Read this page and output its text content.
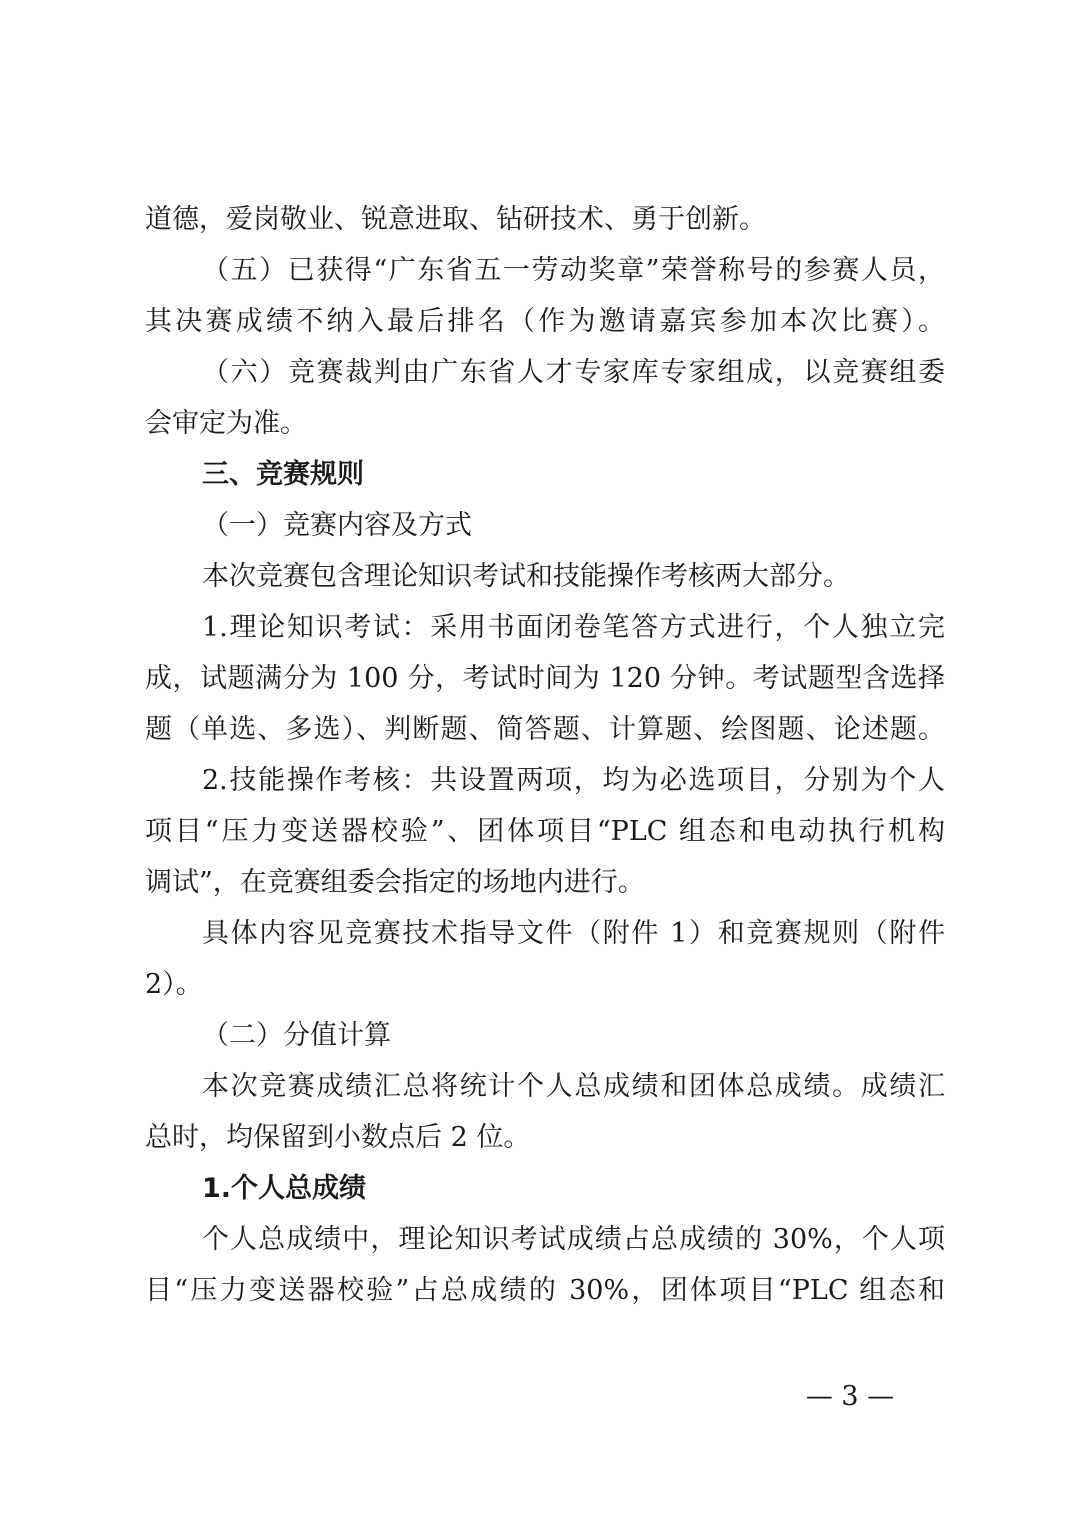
道德，爱岗敬业、锐意进取、钻研技术、勇于创新。
（五）已获得“广东省五一劳动奖章”荣誉称号的参赛人员，
其决赛成绩不纳入最后排名（作为邀请嘉宾参加本次比赛）。
（六）竞赛裁判由广东省人才专家库专家组成，以竞赛组委
会审定为准。
三、竞赛规则
（一）竞赛内容及方式
本次竞赛包含理论知识考试和技能操作考核两大部分。
1.理论知识考试：采用书面闭卷笔答方式进行，个人独立完
成，试题满分为 100 分，考试时间为 120 分钟。考试题型含选择
题（单选、多选）、判断题、简答题、计算题、绘图题、论述题。
2.技能操作考核：共设置两项，均为必选项目，分别为个人
项目“压力变送器校验”、团体项目“PLC 组态和电动执行机构
调试”，在竞赛组委会指定的场地内进行。
具体内容见竞赛技术指导文件（附件 1）和竞赛规则（附件
2）。
（二）分值计算
本次竞赛成绩汇总将统计个人总成绩和团体总成绩。成绩汇
总时，均保留到小数点后 2 位。
1.个人总成绩
个人总成绩中，理论知识考试成绩占总成绩的 30%，个人项
目“压力变送器校验”占总成绩的 30%，团体项目“PLC 组态和
— 3 —
